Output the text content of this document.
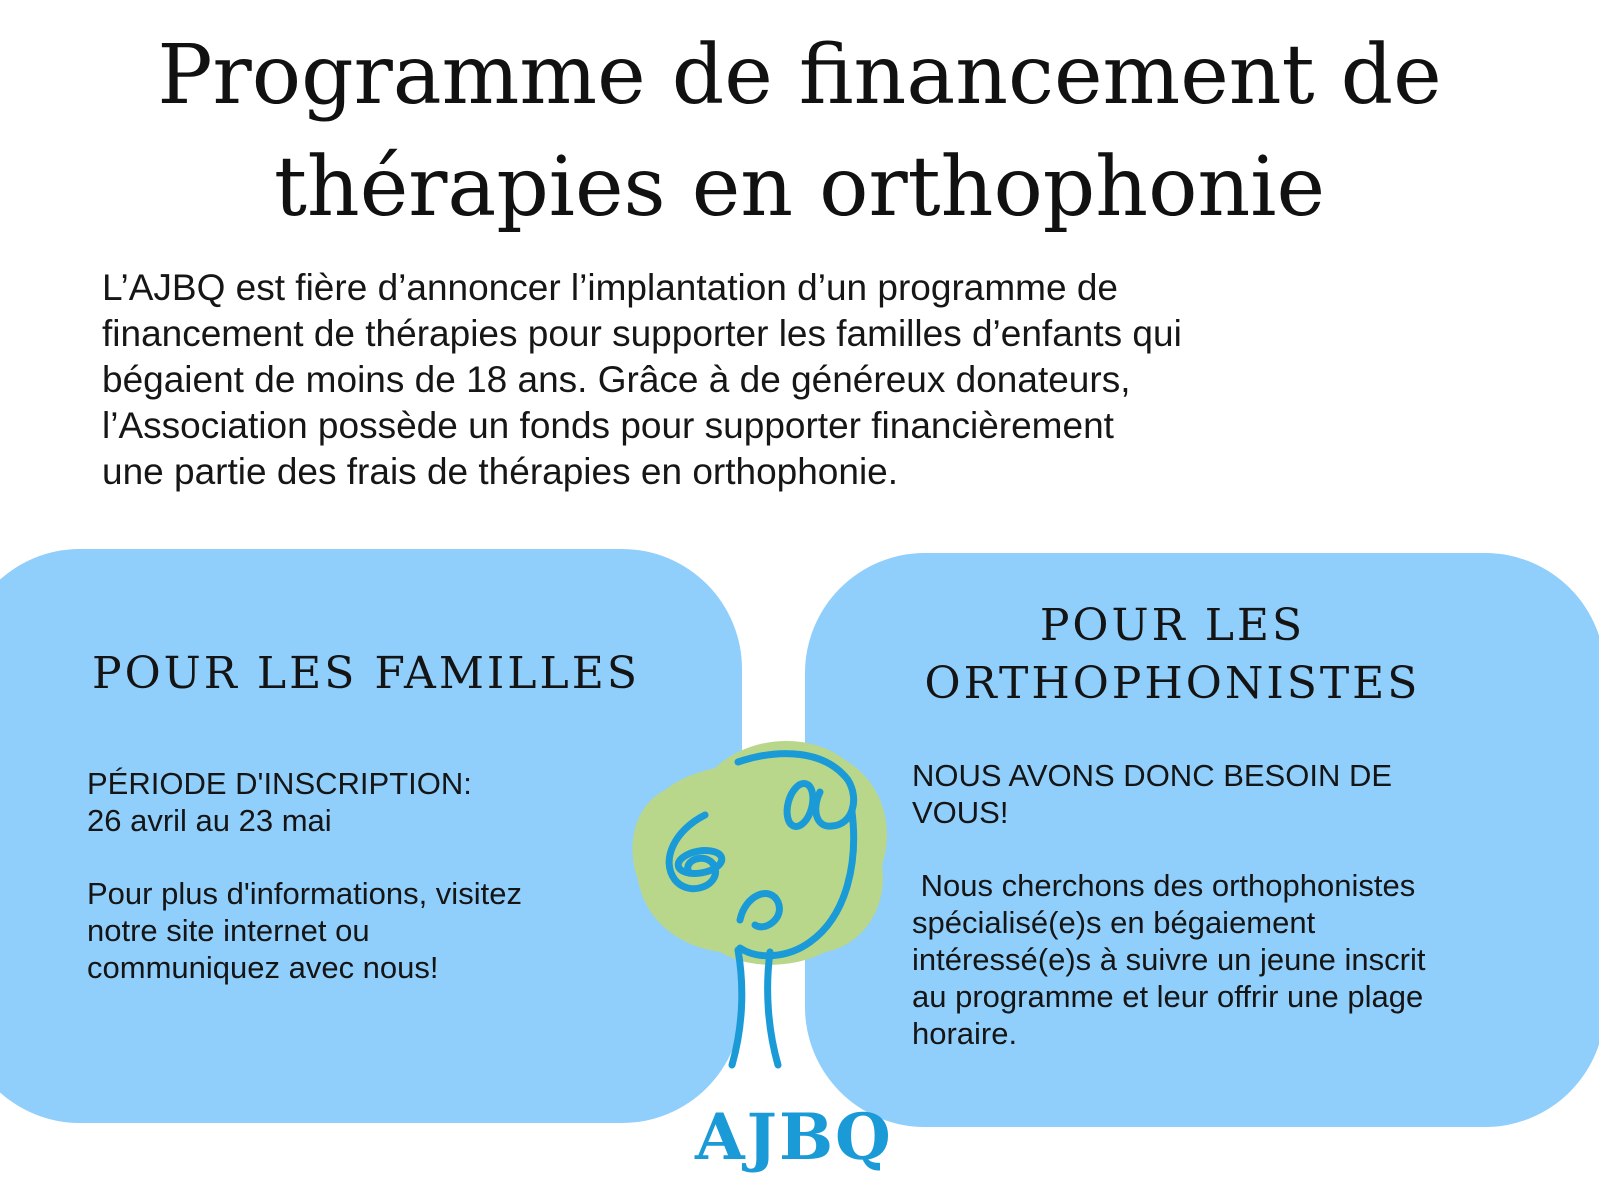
Programme de financement de
thérapies en orthophonie

L’AJBQ est fière d’annoncer l’implantation d’un programme de
financement de thérapies pour supporter les familles d’enfants qui
bégaient de moins de 18 ans. Grâce à de généreux donateurs,
l’Association possède un fonds pour supporter financièrement
une partie des frais de thérapies en orthophonie.

POUR LES FAMILLES

PÉRIODE D'INSCRIPTION:
26 avril au 23 mai

Pour plus d'informations, visitez
notre site internet ou
communiquez avec nous!

POUR LES
ORTHOPHONISTES

NOUS AVONS DONC BESOIN DE
VOUS!

Nous cherchons des orthophonistes
spécialisé(e)s en bégaiement
intéressé(e)s à suivre un jeune inscrit
au programme et leur offrir une plage
horaire.

AJBQ
